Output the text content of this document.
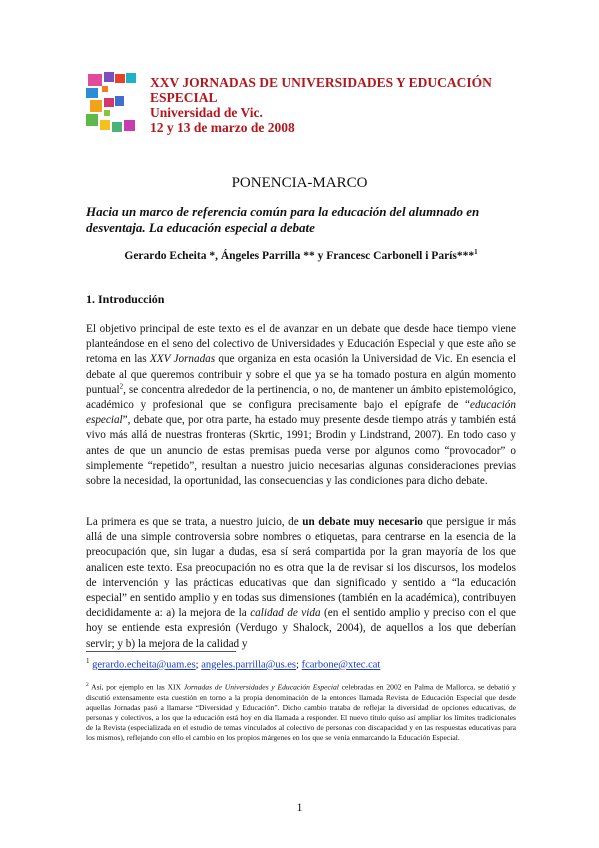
XXV JORNADAS DE UNIVERSIDADES Y EDUCACIÓN
ESPECIAL
Universidad de Vic.
12 y 13 de marzo de 2008
PONENCIA-MARCO
Hacia un marco de referencia común para la educación del alumnado en
desventaja. La educación especial a debate
Gerardo Echeita *, Ángeles Parrilla ** y Francesc Carbonell i París***$^1$
1. Introducción
El objetivo principal de este texto es el de avanzar en un debate que desde hace tiempo viene planteándose en el seno del colectivo de Universidades y Educación Especial y que este año se retoma en las XXV Jornadas que organiza en esta ocasión la Universidad de Vic. En esencia el debate al que queremos contribuir y sobre el que ya se ha tomado postura en algún momento puntual$^2$, se concentra alrededor de la pertinencia, o no, de mantener un ámbito epistemológico, académico y profesional que se configura precisamente bajo el epígrafe de “educación especial”, debate que, por otra parte, ha estado muy presente desde tiempo atrás y también está vivo más allá de nuestras fronteras (Skrtic, 1991; Brodin y Lindstrand, 2007). En todo caso y antes de que un anuncio de estas premisas pueda verse por algunos como “provocador” o simplemente “repetido”, resultan a nuestro juicio necesarias algunas consideraciones previas sobre la necesidad, la oportunidad, las consecuencias y las condiciones para dicho debate.
La primera es que se trata, a nuestro juicio, de un debate muy necesario que persigue ir más allá de una simple controversia sobre nombres o etiquetas, para centrarse en la esencia de la preocupación que, sin lugar a dudas, esa sí será compartida por la gran mayoría de los que analicen este texto. Esa preocupación no es otra que la de revisar si los discursos, los modelos de intervención y las prácticas educativas que dan significado y sentido a “la educación especial” en sentido amplio y en todas sus dimensiones (también en la académica), contribuyen decididamente a: a) la mejora de la calidad de vida (en el sentido amplio y preciso con el que hoy se entiende esta expresión (Verdugo y Shalock, 2004), de aquellos a los que deberían servir; y b) la mejora de la calidad y
$^1$ gerardo.echeita@uam.es; angeles.parrilla@us.es; fcarbone@xtec.cat
$^2$ Así, por ejemplo en las XIX Jornadas de Universidades y Educación Especial celebradas en 2002 en Palma de Mallorca, se debatió y discutió extensamente esta cuestión en torno a la propia denominación de la entonces llamada Revista de Educación Especial que desde aquellas Jornadas pasó a llamarse “Diversidad y Educación”. Dicho cambio trataba de reflejar la diversidad de opciones educativas, de personas y colectivos, a los que la educación está hoy en día llamada a responder. El nuevo título quiso así ampliar los límites tradicionales de la Revista (especializada en el estudio de temas vinculados al colectivo de personas con discapacidad y en las respuestas educativas para los mismos), reflejando con ello el cambio en los propios márgenes en los que se venía enmarcando la Educación Especial.
1
